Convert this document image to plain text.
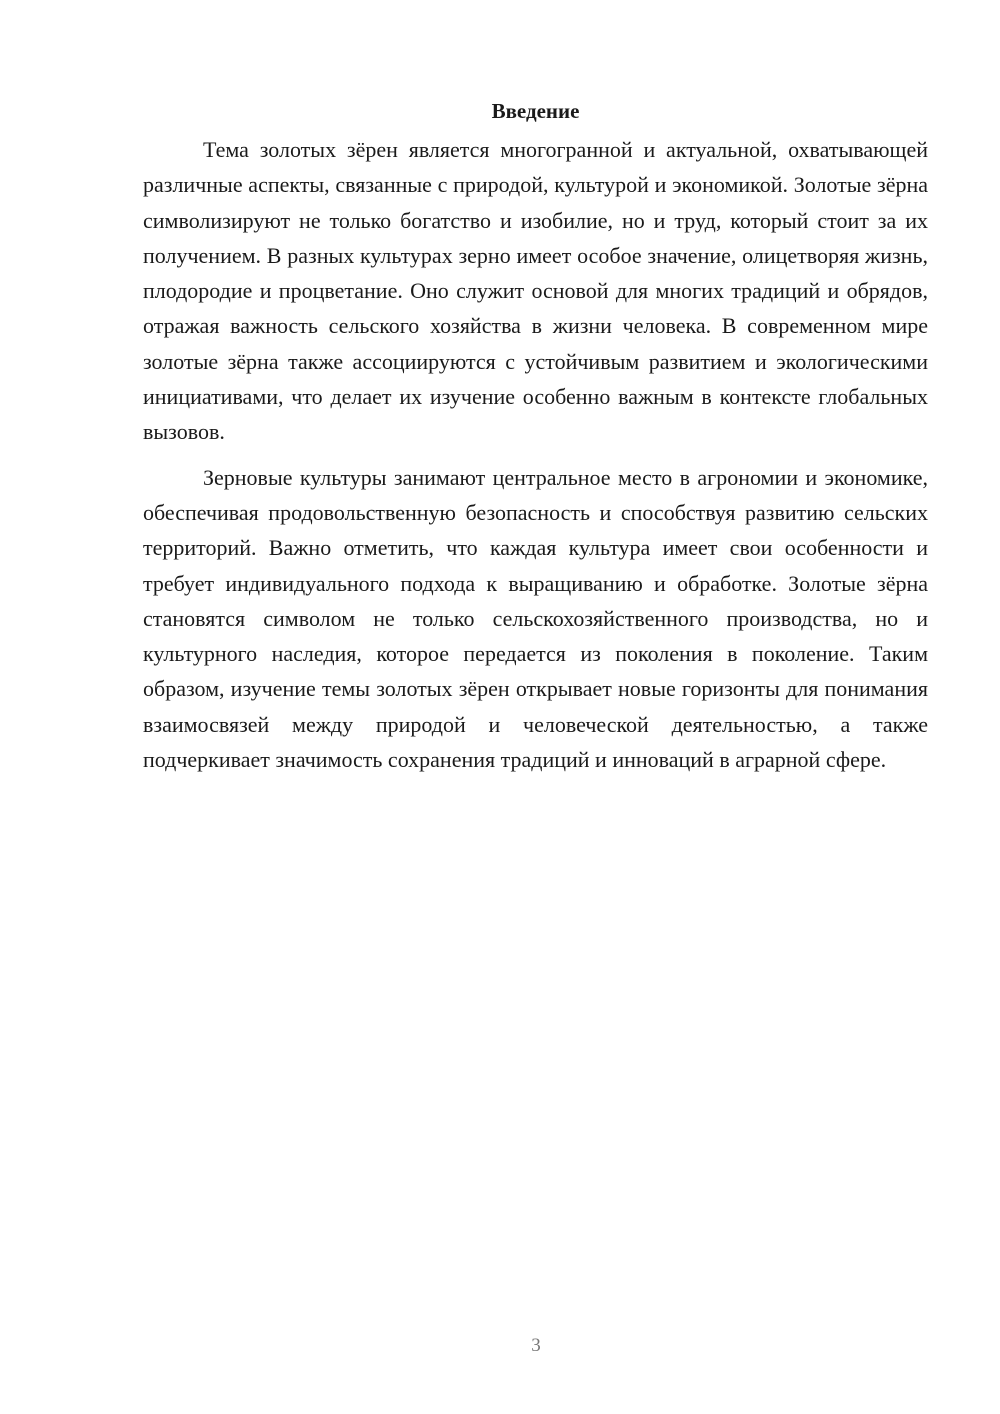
Введение

Тема золотых зёрен является многогранной и актуальной, охватывающей различные аспекты, связанные с природой, культурой и экономикой. Золотые зёрна символизируют не только богатство и изобилие, но и труд, который стоит за их получением. В разных культурах зерно имеет особое значение, олицетворяя жизнь, плодородие и процветание. Оно служит основой для многих традиций и обрядов, отражая важность сельского хозяйства в жизни человека. В современном мире золотые зёрна также ассоциируются с устойчивым развитием и экологическими инициативами, что делает их изучение особенно важным в контексте глобальных вызовов.

Зерновые культуры занимают центральное место в агрономии и экономике, обеспечивая продовольственную безопасность и способствуя развитию сельских территорий. Важно отметить, что каждая культура имеет свои особенности и требует индивидуального подхода к выращиванию и обработке. Золотые зёрна становятся символом не только сельскохозяйственного производства, но и культурного наследия, которое передается из поколения в поколение. Таким образом, изучение темы золотых зёрен открывает новые горизонты для понимания взаимосвязей между природой и человеческой деятельностью, а также подчеркивает значимость сохранения традиций и инноваций в аграрной сфере.

3
